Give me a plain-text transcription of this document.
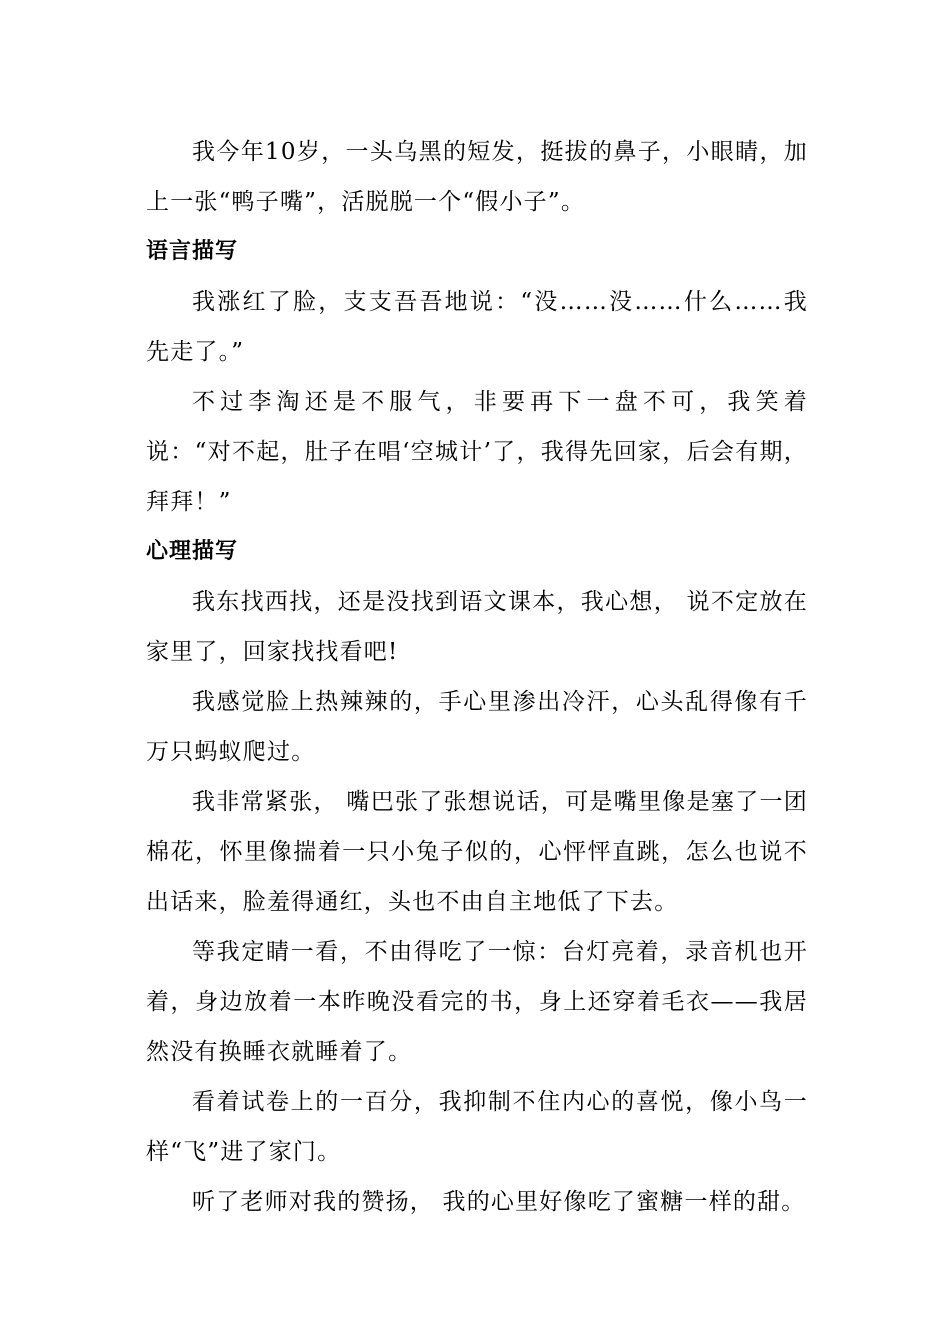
我今年10岁，一头乌黑的短发，挺拔的鼻子，小眼睛，加上一张“鸭子嘴”，活脱脱一个“假小子”。

语言描写

我涨红了脸，支支吾吾地说：“没……没……什么……我先走了。”

不过李淘还是不服气，非要再下一盘不可，我笑着说：“对不起，肚子在唱‘空城计’了，我得先回家，后会有期，拜拜！”

心理描写

我东找西找，还是没找到语文课本，我心想， 说不定放在家里了，回家找找看吧!

我感觉脸上热辣辣的，手心里渗出冷汗，心头乱得像有千万只蚂蚁爬过。

我非常紧张， 嘴巴张了张想说话，可是嘴里像是塞了一团棉花，怀里像揣着一只小兔子似的，心怦怦直跳，怎么也说不出话来，脸羞得通红，头也不由自主地低了下去。

等我定睛一看，不由得吃了一惊：台灯亮着，录音机也开着，身边放着一本昨晚没看完的书，身上还穿着毛衣——我居然没有换睡衣就睡着了。

看着试卷上的一百分，我抑制不住内心的喜悦，像小鸟一样“飞”进了家门。

听了老师对我的赞扬， 我的心里好像吃了蜜糖一样的甜。
